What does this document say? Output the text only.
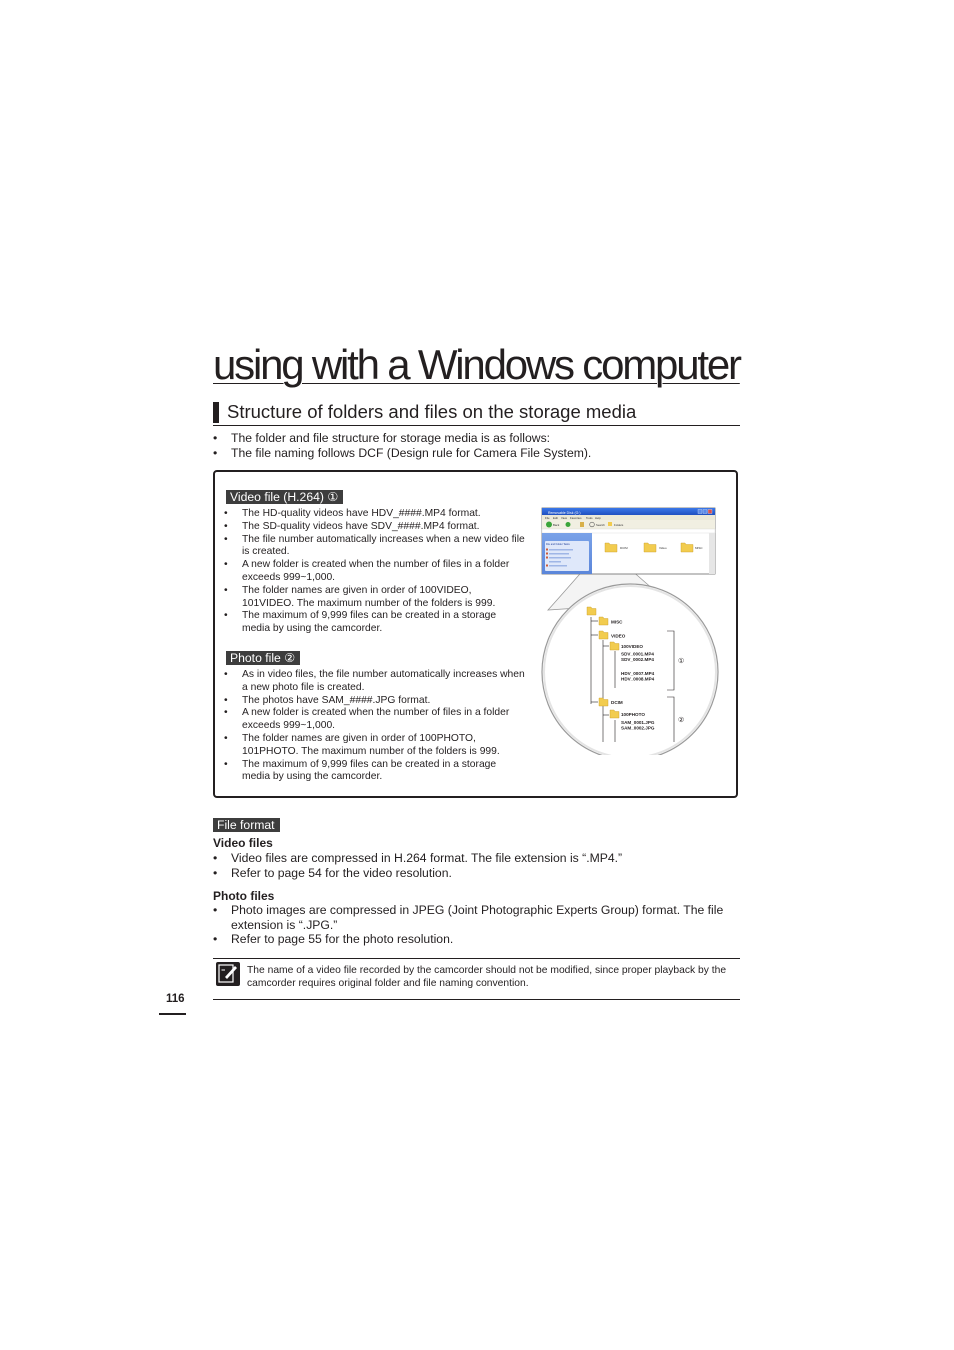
using with a Windows computer
Structure of folders and files on the storage media
• The folder and file structure for storage media is as follows:
• The file naming follows DCF (Design rule for Camera File System).
Video file (H.264) ①
• The HD-quality videos have HDV_####.MP4 format.
• The SD-quality videos have SDV_####.MP4 format.
• The file number automatically increases when a new video file is created.
• A new folder is created when the number of files in a folder exceeds 999~1,000.
• The folder names are given in order of 100VIDEO, 101VIDEO. The maximum number of the folders is 999.
• The maximum of 9,999 files can be created in a storage media by using the camcorder.
Photo file ②
• As in video files, the file number automatically increases when a new photo file is created.
• The photos have SAM_####.JPG format.
• A new folder is created when the number of files in a folder exceeds 999~1,000.
• The folder names are given in order of 100PHOTO, 101PHOTO. The maximum number of the folders is 999.
• The maximum of 9,999 files can be created in a storage media by using the camcorder.
Removable Disk (G:)
File Edit View	Favorites Tools Help
Back	Search	Folders
File and Folder Tasks
DCIM	Video	MISC
MISC
VIDEO
100VIDEO
SDV_0001.MP4
SDV_0002.MP4
HDV_0007.MP4
HDV_0008.MP4
DCIM
100PHOTO
SAM_0001.JPG
SAM_0002.JPG
①
②
File format
Video files
• Video files are compressed in H.264 format. The file extension is “.MP4.”
• Refer to page 54 for the video resolution.
Photo files
• Photo images are compressed in JPEG (Joint Photographic Experts Group) format. The file extension is “.JPG.”
• Refer to page 55 for the photo resolution.
The name of a video file recorded by the camcorder should not be modified, since proper playback by the camcorder requires original folder and file naming convention.
116
